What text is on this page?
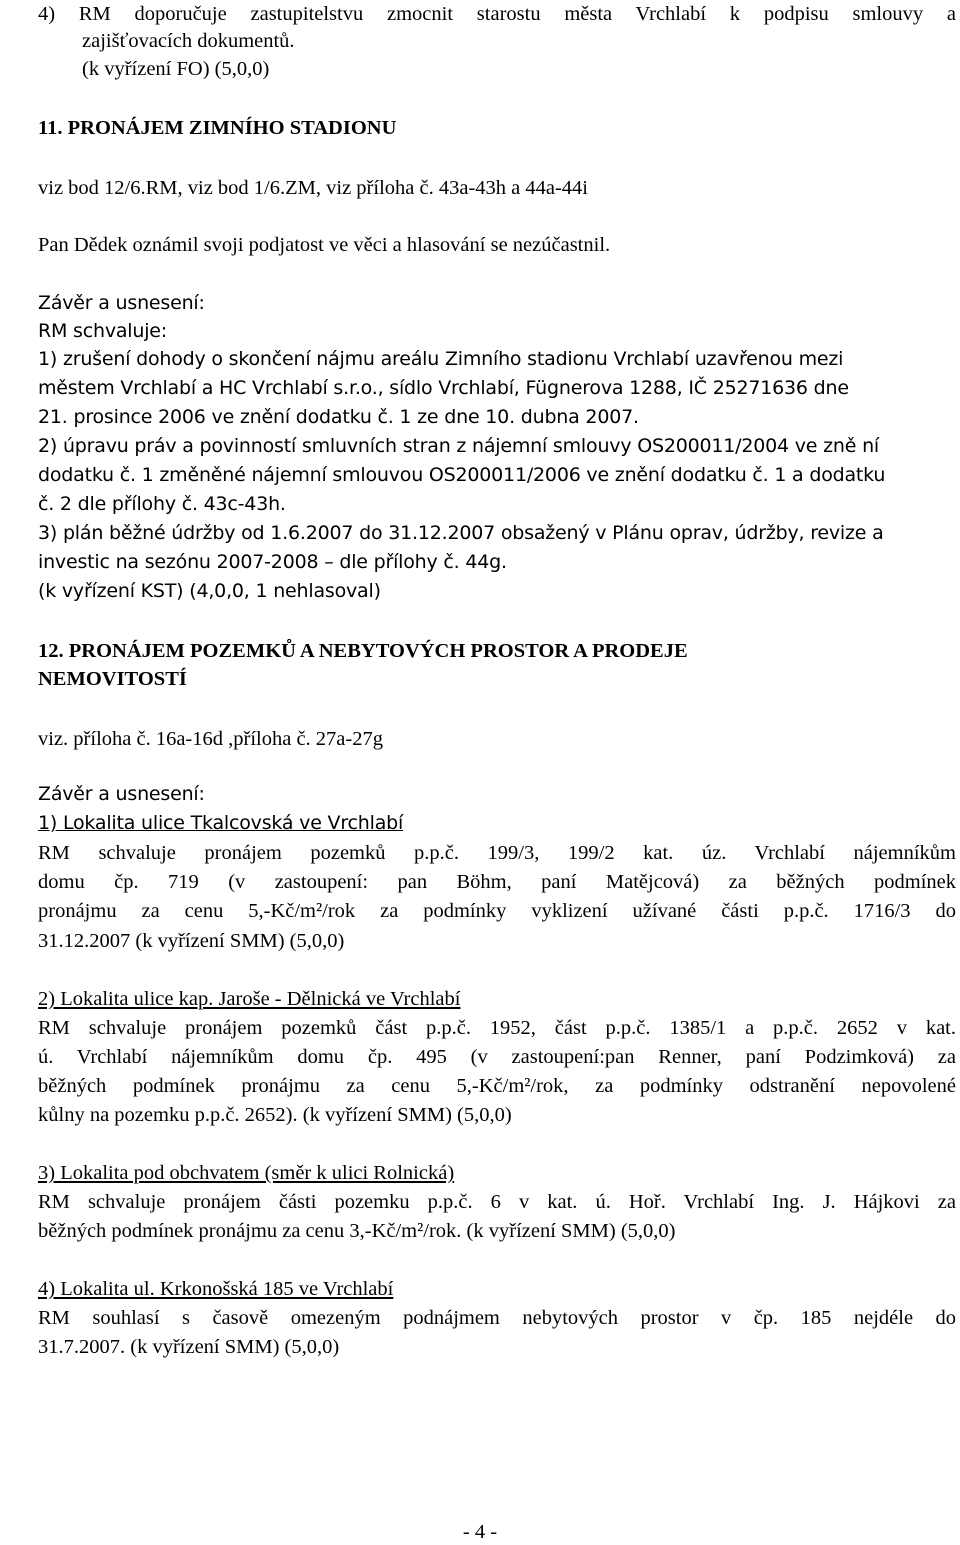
4) RM doporučuje zastupitelstvu zmocnit starostu města Vrchlabí k podpisu smlouvy a

zajišťovacích dokumentů.

(k vyřízení FO) (5,0,0)

11. PRONÁJEM ZIMNÍHO STADIONU

viz bod 12/6.RM, viz bod 1/6.ZM, viz příloha č. 43a-43h a 44a-44i

Pan Dědek oznámil svoji podjatost ve věci a hlasování se nezúčastnil.

Závěr a usnesení:

RM schvaluje:

1) zrušení dohody o skončení nájmu areálu Zimního stadionu Vrchlabí uzavřenou mezi

městem Vrchlabí a HC Vrchlabí s.r.o., sídlo Vrchlabí, Fügnerova 1288, IČ 25271636 dne

21. prosince 2006 ve znění dodatku č. 1 ze dne 10. dubna 2007.

2) úpravu práv a povinností smluvních stran z nájemní smlouvy OS200011/2004 ve zně ní

dodatku č. 1 změněné nájemní smlouvou OS200011/2006 ve znění dodatku č. 1 a dodatku

č. 2 dle přílohy č. 43c-43h.

3) plán běžné údržby od 1.6.2007 do 31.12.2007 obsažený v Plánu oprav, údržby, revize a

investic na sezónu 2007-2008 – dle přílohy č. 44g.

(k vyřízení KST) (4,0,0, 1 nehlasoval)

12. PRONÁJEM POZEMKŮ A NEBYTOVÝCH PROSTOR A PRODEJE

NEMOVITOSTÍ

viz. příloha č. 16a-16d ,příloha č. 27a-27g

Závěr a usnesení:

1) Lokalita ulice Tkalcovská ve Vrchlabí

RM schvaluje pronájem pozemků p.p.č. 199/3, 199/2 kat. úz. Vrchlabí nájemníkům

domu čp. 719 (v zastoupení: pan Böhm, paní Matějcová) za běžných podmínek

pronájmu za cenu 5,-Kč/m²/rok za podmínky vyklizení užívané části p.p.č. 1716/3 do

31.12.2007 (k vyřízení SMM) (5,0,0)

2) Lokalita ulice kap. Jaroše - Dělnická ve Vrchlabí

RM schvaluje pronájem pozemků část p.p.č. 1952, část p.p.č. 1385/1 a p.p.č. 2652 v kat.

ú. Vrchlabí nájemníkům domu čp. 495 (v zastoupení:pan Renner, paní Podzimková) za

běžných podmínek pronájmu za cenu 5,-Kč/m²/rok, za podmínky odstranění nepovolené

kůlny na pozemku p.p.č. 2652). (k vyřízení SMM) (5,0,0)

3) Lokalita pod obchvatem (směr k ulici Rolnická)

RM schvaluje pronájem části pozemku p.p.č. 6 v kat. ú. Hoř. Vrchlabí Ing. J. Hájkovi za

běžných podmínek pronájmu za cenu 3,-Kč/m²/rok. (k vyřízení SMM) (5,0,0)

4) Lokalita ul. Krkonošská 185 ve Vrchlabí

RM souhlasí s časově omezeným podnájmem nebytových prostor v čp. 185 nejdéle do

31.7.2007. (k vyřízení SMM) (5,0,0)

- 4 -
